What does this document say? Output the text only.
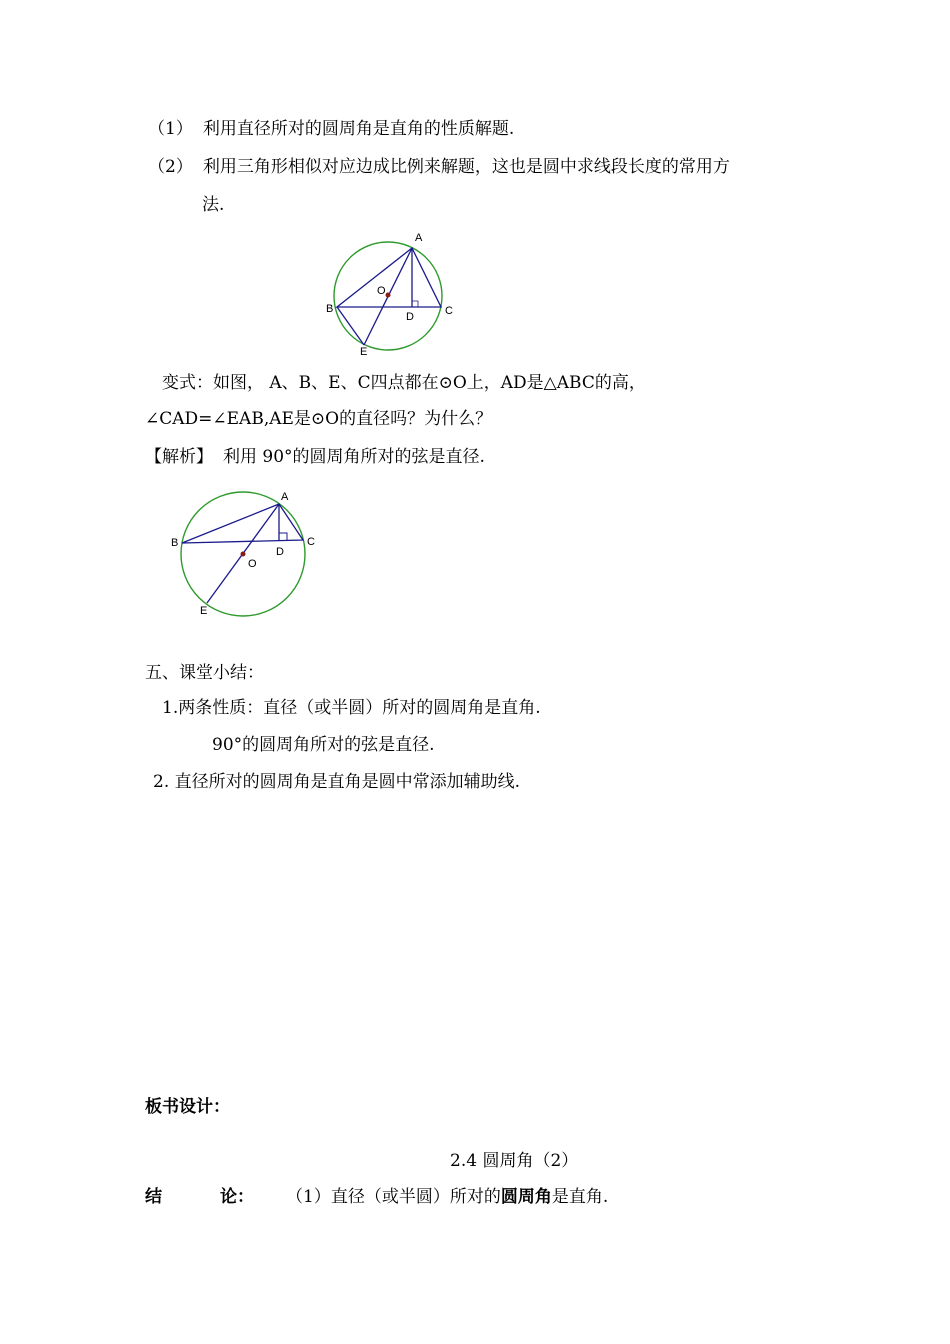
（1） 利用直径所对的圆周角是直角的性质解题.
（2） 利用三角形相似对应边成比例来解题，这也是圆中求线段长度的常用方
法.
A
B	C
D
E
O
变式：如图， A、B、E、C四点都在⊙O上，AD是△ABC的高，
∠CAD=∠EAB,AE是⊙O的直径吗？为什么？
【解析】 利用 90°的圆周角所对的弦是直径.
A
B	C
D
E
O
五、课堂小结：
1.两条性质：直径（或半圆）所对的圆周角是直角.
90°的圆周角所对的弦是直径.
2. 直径所对的圆周角是直角是圆中常添加辅助线.
板书设计：
2.4 圆周角（2）
结	论： （1）直径（或半圆）所对的圆周角是直角.
